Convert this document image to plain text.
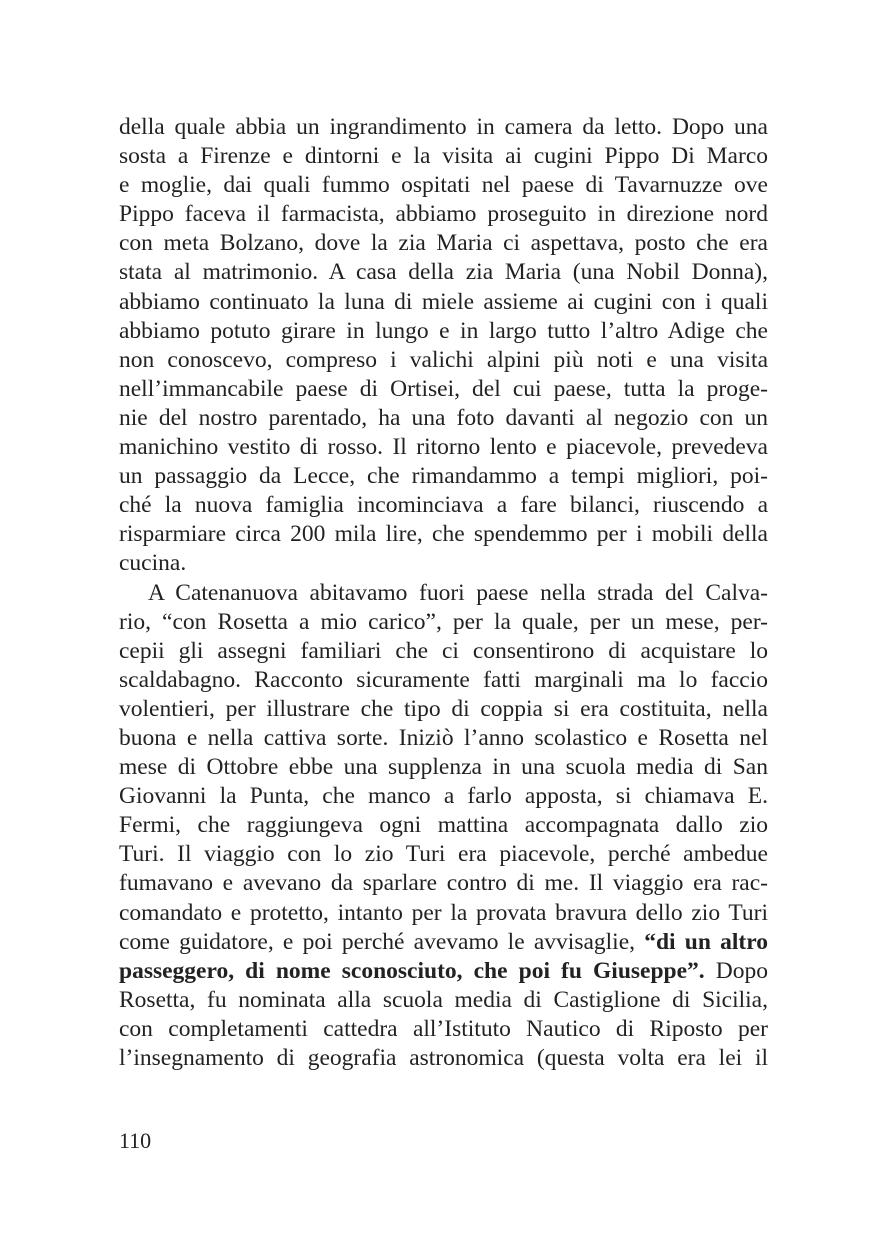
della quale abbia un ingrandimento in camera da letto. Dopo una
sosta a Firenze e dintorni e la visita ai cugini Pippo Di Marco
e moglie, dai quali fummo ospitati nel paese di Tavarnuzze ove
Pippo faceva il farmacista, abbiamo proseguito in direzione nord
con meta Bolzano, dove la zia Maria ci aspettava, posto che era
stata al matrimonio. A casa della zia Maria (una Nobil Donna),
abbiamo continuato la luna di miele assieme ai cugini con i quali
abbiamo potuto girare in lungo e in largo tutto l’altro Adige che
non conoscevo, compreso i valichi alpini più noti e una visita
nell’immancabile paese di Ortisei, del cui paese, tutta la proge-
nie del nostro parentado, ha una foto davanti al negozio con un
manichino vestito di rosso. Il ritorno lento e piacevole, prevedeva
un passaggio da Lecce, che rimandammo a tempi migliori, poi-
ché la nuova famiglia incominciava a fare bilanci, riuscendo a
risparmiare circa 200 mila lire, che spendemmo per i mobili della
cucina.
A Catenanuova abitavamo fuori paese nella strada del Calva-
rio, “con Rosetta a mio carico”, per la quale, per un mese, per-
cepii gli assegni familiari che ci consentirono di acquistare lo
scaldabagno. Racconto sicuramente fatti marginali ma lo faccio
volentieri, per illustrare che tipo di coppia si era costituita, nella
buona e nella cattiva sorte. Iniziò l’anno scolastico e Rosetta nel
mese di Ottobre ebbe una supplenza in una scuola media di San
Giovanni la Punta, che manco a farlo apposta, si chiamava E.
Fermi, che raggiungeva ogni mattina accompagnata dallo zio
Turi. Il viaggio con lo zio Turi era piacevole, perché ambedue
fumavano e avevano da sparlare contro di me. Il viaggio era rac-
comandato e protetto, intanto per la provata bravura dello zio Turi
come guidatore, e poi perché avevamo le avvisaglie, “di un altro
passeggero, di nome sconosciuto, che poi fu Giuseppe”. Dopo
Rosetta, fu nominata alla scuola media di Castiglione di Sicilia,
con completamenti cattedra all’Istituto Nautico di Riposto per
l’insegnamento di geografia astronomica (questa volta era lei il
110
